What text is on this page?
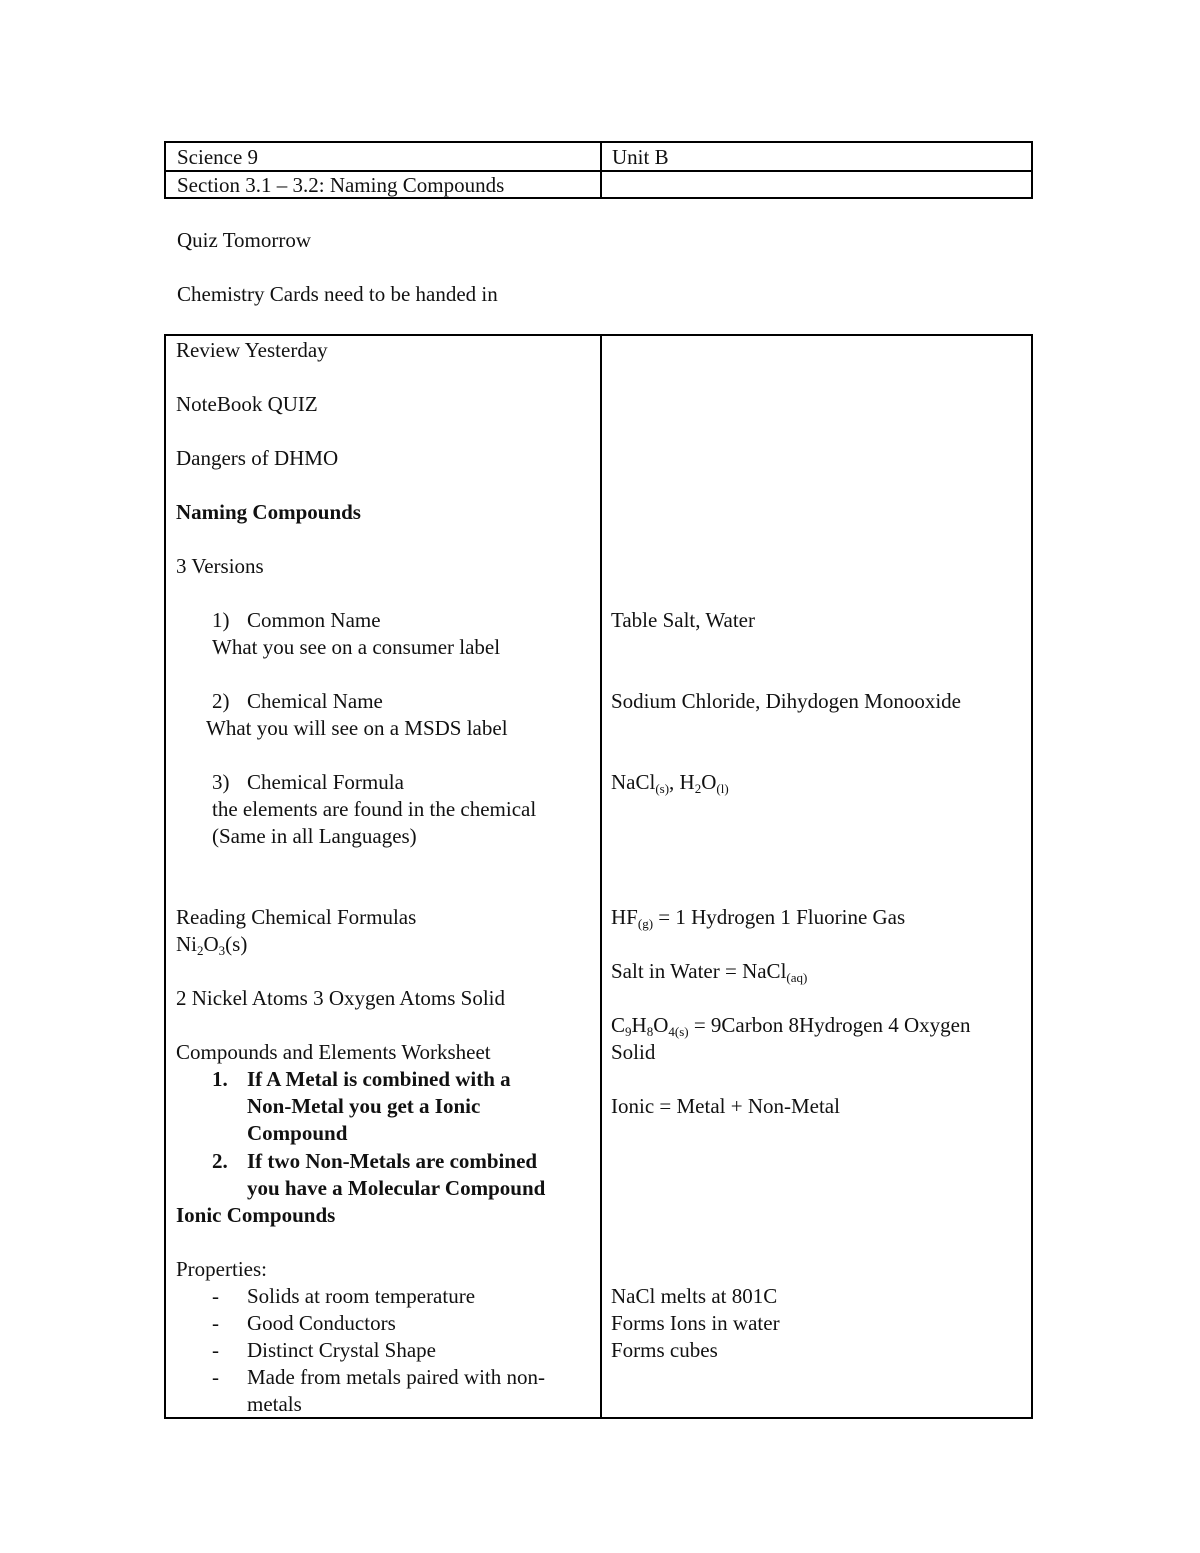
Science 9	Unit B
Section 3.1 – 3.2: Naming Compounds
Quiz Tomorrow
Chemistry Cards need to be handed in
Review Yesterday
NoteBook QUIZ
Dangers of DHMO
Naming Compounds
3 Versions
1) Common Name
What you see on a consumer label
2) Chemical Name
What you will see on a MSDS label
3) Chemical Formula
the elements are found in the chemical
(Same in all Languages)
Reading Chemical Formulas
$Ni_2O_3(s)$
2 Nickel Atoms 3 Oxygen Atoms Solid
Compounds and Elements Worksheet
1. If A Metal is combined with a
Non-Metal you get a Ionic
Compound
2. If two Non-Metals are combined
you have a Molecular Compound
Ionic Compounds
Properties:
- Solids at room temperature
- Good Conductors
- Distinct Crystal Shape
- Made from metals paired with non-
metals
Table Salt, Water
Sodium Chloride, Dihydogen Monooxide
NaCl$_{(s)}$, $H_2O_{(l)}$
$HF_{(g)} = 1$ Hydrogen 1 Fluorine Gas
Salt in Water = NaCl$_{(aq)}$
$C_9H_8O_{4(s)}$ = 9Carbon 8Hydrogen 4 Oxygen
Solid
Ionic = Metal + Non-Metal
NaCl melts at 801C
Forms Ions in water
Forms cubes
